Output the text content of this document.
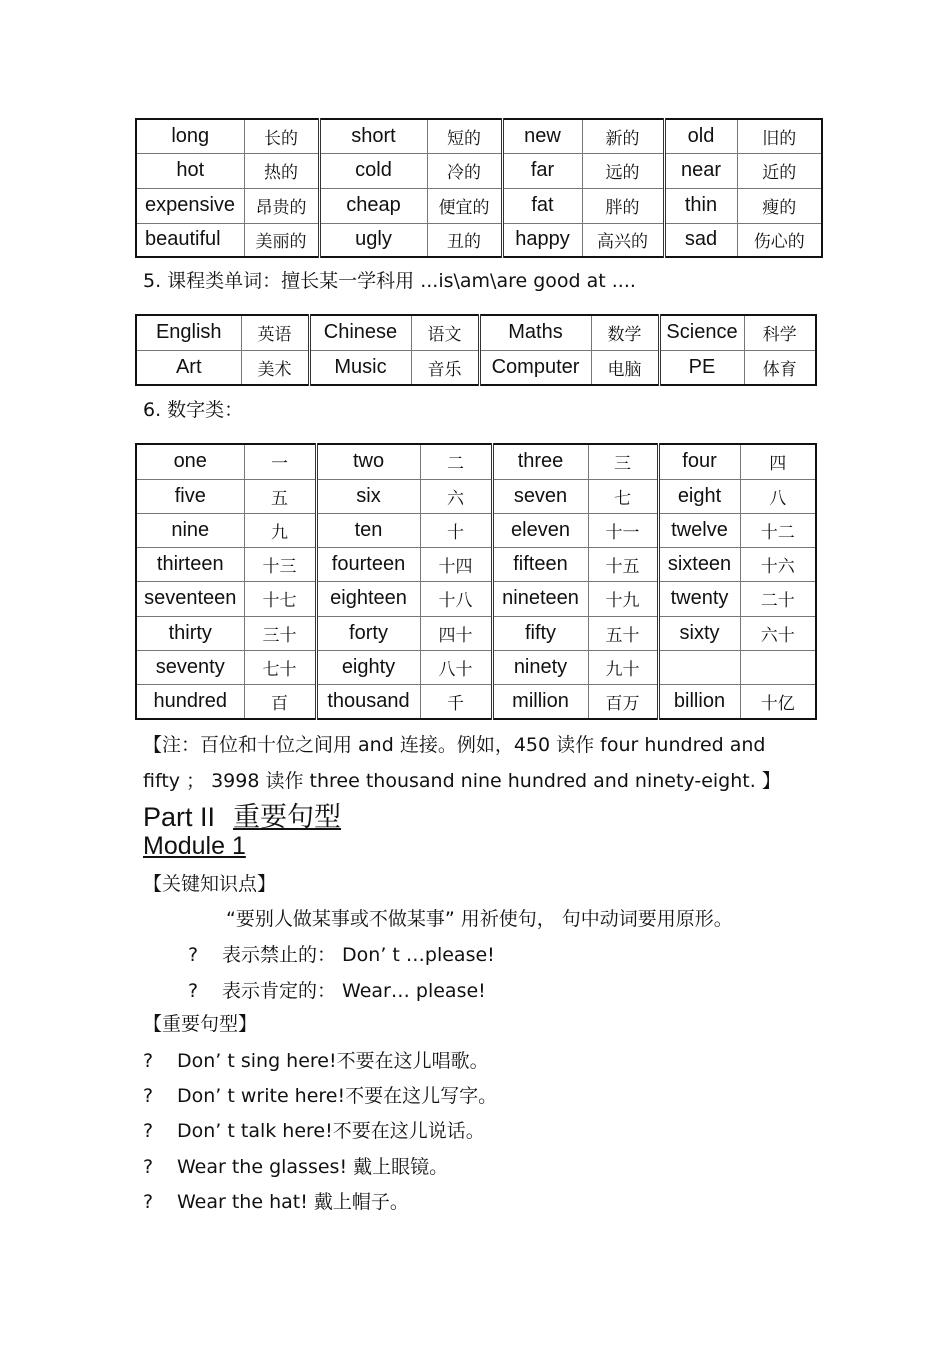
long	长的	short	短的	new	新的	old	旧的
hot	热的	cold	冷的	far	远的	near	近的
expensive	昂贵的	cheap	便宜的	fat	胖的	thin	瘦的
beautiful	美丽的	ugly	丑的	happy	高兴的	sad	伤心的
5. 课程类单词：擅长某一学科用 ...is\am\are good at ....
English	英语	Chinese	语文	Maths	数学	Science	科学
Art	美术	Music	音乐	Computer	电脑	PE	体育
6. 数字类：
one	一	two	二	three	三	four	四
five	五	six	六	seven	七	eight	八
nine	九	ten	十	eleven	十一	twelve	十二
thirteen	十三	fourteen	十四	fifteen	十五	sixteen	十六
seventeen	十七	eighteen	十八	nineteen	十九	twenty	二十
thirty	三十	forty	四十	fifty	五十	sixty	六十
seventy	七十	eighty	八十	ninety	九十		
hundred	百	thousand	千	million	百万	billion	十亿
【注：百位和十位之间用 and 连接。例如，450 读作 four hundred and
fifty ； 3998 读作 three thousand nine hundred and ninety-eight. 】
Part II 重要句型
Module 1
【关键知识点】
“要别人做某事或不做某事” 用祈使句， 句中动词要用原形。
? 表示禁止的： Don’ t …please!
? 表示肯定的： Wear… please!
【重要句型】
? Don’ t sing here!不要在这儿唱歌。
? Don’ t write here!不要在这儿写字。
? Don’ t talk here!不要在这儿说话。
? Wear the glasses! 戴上眼镜。
? Wear the hat! 戴上帽子。
